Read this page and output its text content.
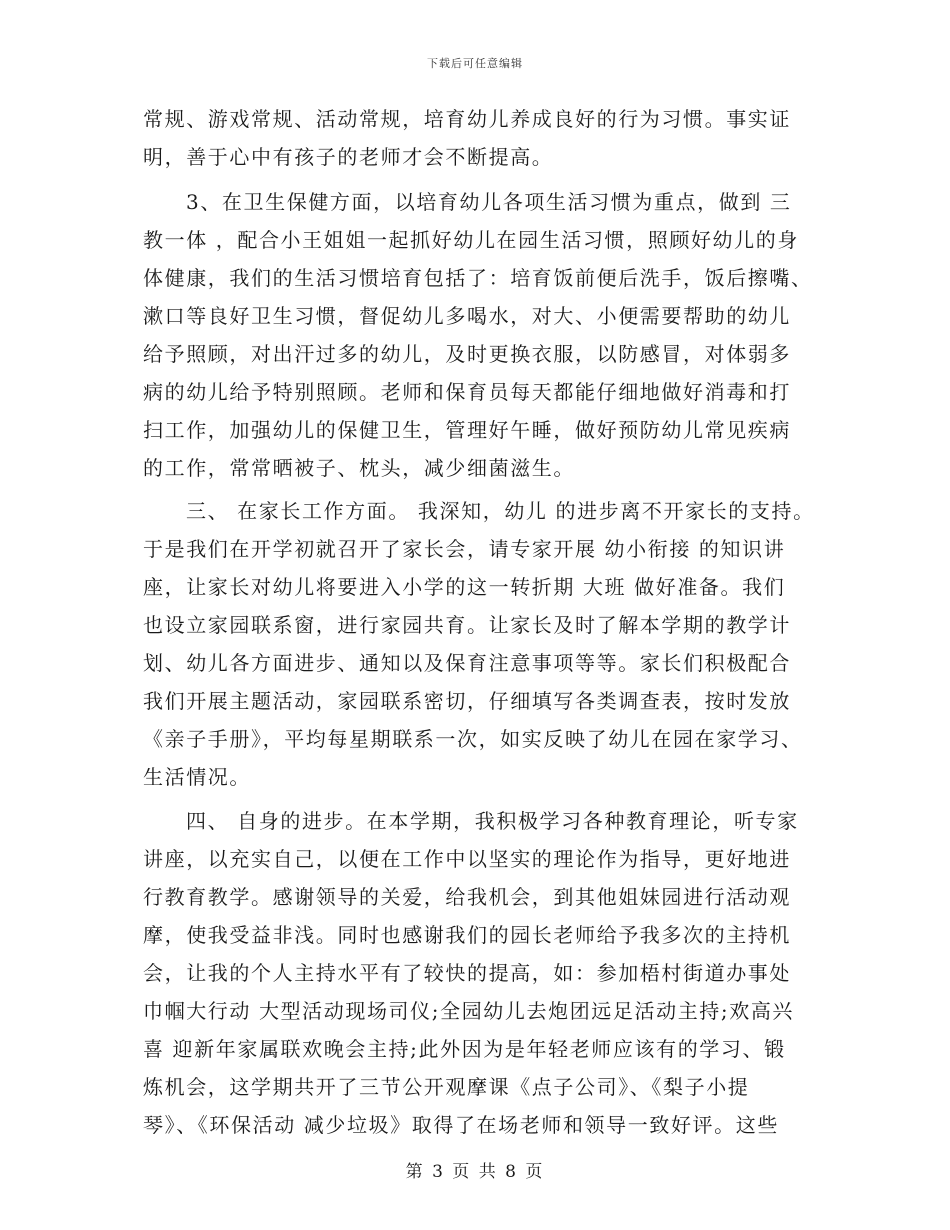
下载后可任意编辑
常规、游戏常规、活动常规，培育幼儿养成良好的行为习惯。事实证
明，善于心中有孩子的老师才会不断提高。
3、在卫生保健方面，以培育幼儿各项生活习惯为重点，做到 三
教一体 ，配合小王姐姐一起抓好幼儿在园生活习惯，照顾好幼儿的身
体健康，我们的生活习惯培育包括了：培育饭前便后洗手，饭后擦嘴、
漱口等良好卫生习惯，督促幼儿多喝水，对大、小便需要帮助的幼儿
给予照顾，对出汗过多的幼儿，及时更换衣服，以防感冒，对体弱多
病的幼儿给予特别照顾。老师和保育员每天都能仔细地做好消毒和打
扫工作，加强幼儿的保健卫生，管理好午睡，做好预防幼儿常见疾病
的工作，常常晒被子、枕头，减少细菌滋生。
三、 在家长工作方面。 我深知，幼儿 的进步离不开家长的支持。
于是我们在开学初就召开了家长会，请专家开展 幼小衔接 的知识讲
座，让家长对幼儿将要进入小学的这一转折期 大班 做好准备。我们
也设立家园联系窗，进行家园共育。让家长及时了解本学期的教学计
划、幼儿各方面进步、通知以及保育注意事项等等。家长们积极配合
我们开展主题活动，家园联系密切，仔细填写各类调查表，按时发放
《亲子手册》，平均每星期联系一次，如实反映了幼儿在园在家学习、
生活情况。
四、 自身的进步。在本学期，我积极学习各种教育理论，听专家
讲座，以充实自己，以便在工作中以坚实的理论作为指导，更好地进
行教育教学。感谢领导的关爱，给我机会，到其他姐妹园进行活动观
摩，使我受益非浅。同时也感谢我们的园长老师给予我多次的主持机
会，让我的个人主持水平有了较快的提高，如：参加梧村街道办事处
巾帼大行动 大型活动现场司仪;全园幼儿去炮团远足活动主持;欢高兴
喜 迎新年家属联欢晚会主持;此外因为是年轻老师应该有的学习、锻
炼机会，这学期共开了三节公开观摩课《点子公司》、《梨子小提
琴》、《环保活动 减少垃圾》取得了在场老师和领导一致好评。这些
第 3 页 共 8 页
